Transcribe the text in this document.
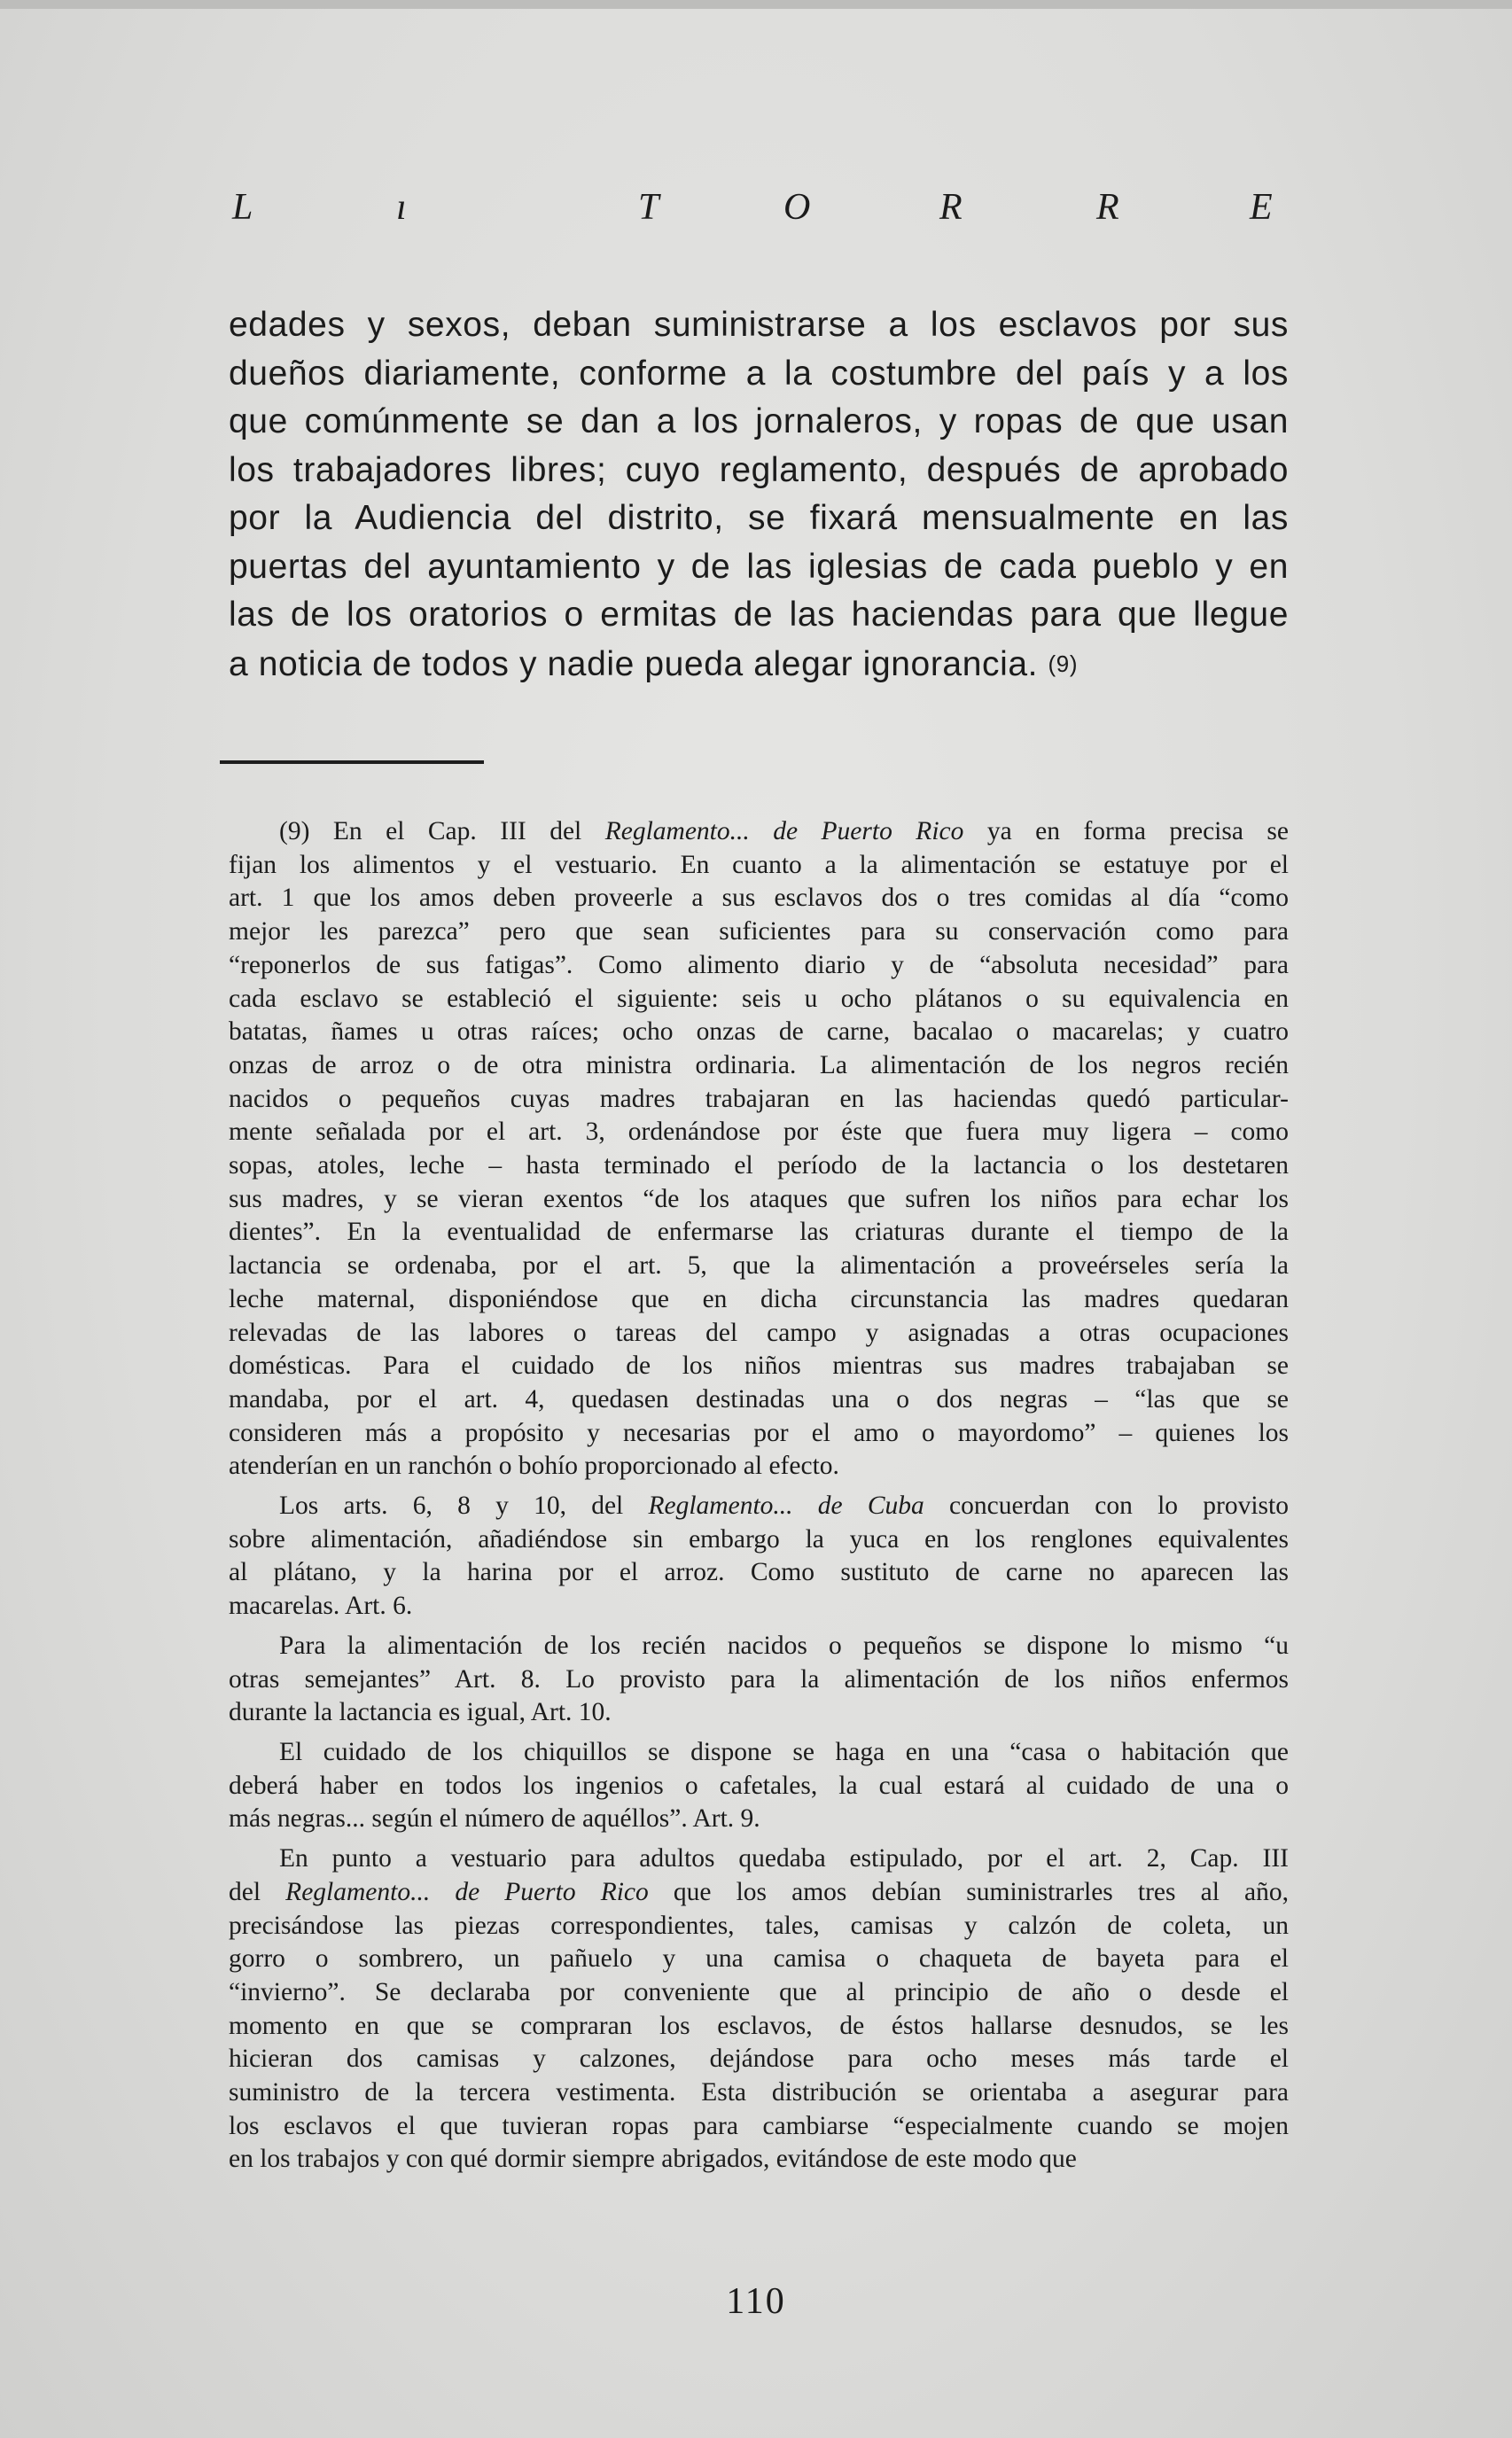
L	ı	T	O	R	R	E
edades y sexos, deban suministrarse a los esclavos por sus
dueños diariamente, conforme a la costumbre del país y a los
que comúnmente se dan a los jornaleros, y ropas de que usan
los trabajadores libres; cuyo reglamento, después de aprobado
por la Audiencia del distrito, se fixará mensualmente en las
puertas del ayuntamiento y de las iglesias de cada pueblo y en
las de los oratorios o ermitas de las haciendas para que llegue
a noticia de todos y nadie pueda alegar ignorancia. (9)

(9) En el Cap. III del Reglamento... de Puerto Rico ya en forma precisa se
fijan los alimentos y el vestuario. En cuanto a la alimentación se estatuye por el
art. 1 que los amos deben proveerle a sus esclavos dos o tres comidas al día “como
mejor les parezca” pero que sean suficientes para su conservación como para
“reponerlos de sus fatigas”. Como alimento diario y de “absoluta necesidad” para
cada esclavo se estableció el siguiente: seis u ocho plátanos o su equivalencia en
batatas, ñames u otras raíces; ocho onzas de carne, bacalao o macarelas; y cuatro
onzas de arroz o de otra ministra ordinaria. La alimentación de los negros recién
nacidos o pequeños cuyas madres trabajaran en las haciendas quedó particular-
mente señalada por el art. 3, ordenándose por éste que fuera muy ligera – como
sopas, atoles, leche – hasta terminado el período de la lactancia o los destetaren
sus madres, y se vieran exentos “de los ataques que sufren los niños para echar los
dientes”. En la eventualidad de enfermarse las criaturas durante el tiempo de la
lactancia se ordenaba, por el art. 5, que la alimentación a proveérseles sería la
leche maternal, disponiéndose que en dicha circunstancia las madres quedaran
relevadas de las labores o tareas del campo y asignadas a otras ocupaciones
domésticas. Para el cuidado de los niños mientras sus madres trabajaban se
mandaba, por el art. 4, quedasen destinadas una o dos negras – “las que se
consideren más a propósito y necesarias por el amo o mayordomo” – quienes los
atenderían en un ranchón o bohío proporcionado al efecto.

Los arts. 6, 8 y 10, del Reglamento... de Cuba concuerdan con lo provisto
sobre alimentación, añadiéndose sin embargo la yuca en los renglones equivalentes
al plátano, y la harina por el arroz. Como sustituto de carne no aparecen las
macarelas. Art. 6.

Para la alimentación de los recién nacidos o pequeños se dispone lo mismo “u
otras semejantes” Art. 8. Lo provisto para la alimentación de los niños enfermos
durante la lactancia es igual, Art. 10.

El cuidado de los chiquillos se dispone se haga en una “casa o habitación que
deberá haber en todos los ingenios o cafetales, la cual estará al cuidado de una o
más negras... según el número de aquéllos”. Art. 9.

En punto a vestuario para adultos quedaba estipulado, por el art. 2, Cap. III
del Reglamento... de Puerto Rico que los amos debían suministrarles tres al año,
precisándose las piezas correspondientes, tales, camisas y calzón de coleta, un
gorro o sombrero, un pañuelo y una camisa o chaqueta de bayeta para el
“invierno”. Se declaraba por conveniente que al principio de año o desde el
momento en que se compraran los esclavos, de éstos hallarse desnudos, se les
hicieran dos camisas y calzones, dejándose para ocho meses más tarde el
suministro de la tercera vestimenta. Esta distribución se orientaba a asegurar para
los esclavos el que tuvieran ropas para cambiarse “especialmente cuando se mojen
en los trabajos y con qué dormir siempre abrigados, evitándose de este modo que

110
